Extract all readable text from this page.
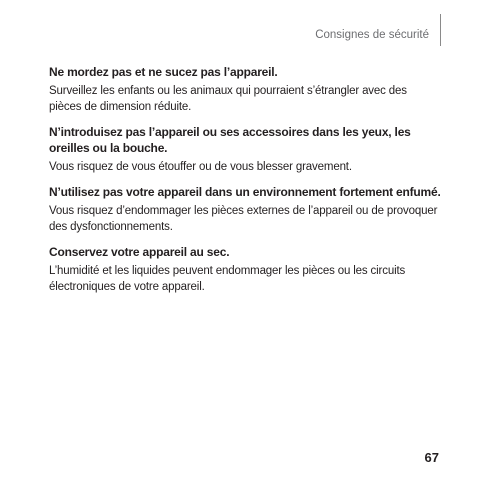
Consignes de sécurité

Ne mordez pas et ne sucez pas l’appareil.

Surveillez les enfants ou les animaux qui pourraient s’étrangler avec des pièces de dimension réduite.

N’introduisez pas l’appareil ou ses accessoires dans les yeux, les oreilles ou la bouche.

Vous risquez de vous étouffer ou de vous blesser gravement.

N’utilisez pas votre appareil dans un environnement fortement enfumé.

Vous risquez d’endommager les pièces externes de l’appareil ou de provoquer des dysfonctionnements.

Conservez votre appareil au sec.

L’humidité et les liquides peuvent endommager les pièces ou les circuits électroniques de votre appareil.

67
